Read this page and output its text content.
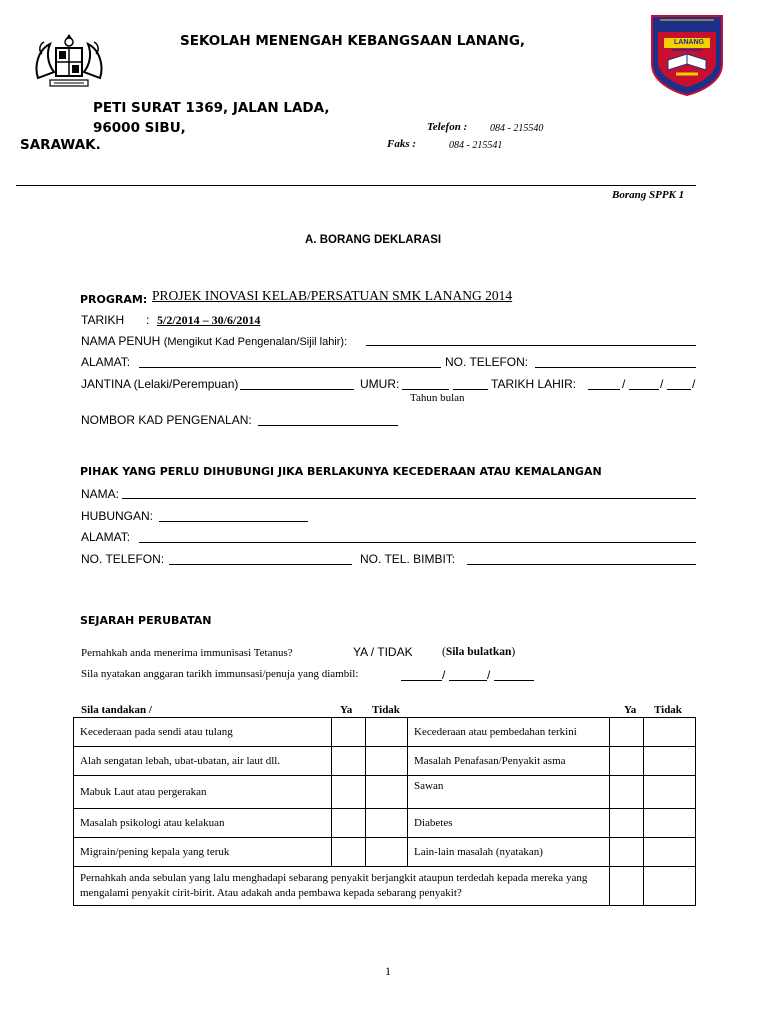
LANANG
SEKOLAH MENENGAH KEBANGSAAN LANANG,
PETI SURAT 1369, JALAN LADA,
96000 SIBU,
SARAWAK.
Telefon : 084 - 215540
Faks :	084 - 215541
Borang SPPK 1
A. BORANG DEKLARASI
PROGRAM: PROJEK INOVASI KELAB/PERSATUAN SMK LANANG 2014
TARIKH : 5/2/2014 – 30/6/2014
NAMA PENUH (Mengikut Kad Pengenalan/Sijil lahir):
ALAMAT:	NO. TELEFON:
JANTINA (Lelaki/Perempuan)	UMUR:	TARIKH LAHIR:	/	/ /
Tahun bulan
NOMBOR KAD PENGENALAN:
PIHAK YANG PERLU DIHUBUNGI JIKA BERLAKUNYA KECEDERAAN ATAU KEMALANGAN
NAMA:
HUBUNGAN:
ALAMAT:
NO. TELEFON:	NO. TEL. BIMBIT:
SEJARAH PERUBATAN
Pernahkah anda menerima immunisasi Tetanus?	YA / TIDAK	(Sila bulatkan)
Sila nyatakan anggaran tarikh immunsasi/penuja yang diambil:	/	/
Sila tandakan /	Ya Tidak	Ya Tidak
Kecederaan pada sendi atau tulang			Kecederaan atau pembedahan terkini		
Alah sengatan lebah, ubat-ubatan, air laut dll.			Masalah Penafasan/Penyakit asma		
Mabuk Laut atau pergerakan			Sawan		
Masalah psikologi atau kelakuan			Diabetes		
Migrain/pening kepala yang teruk			Lain-lain masalah (nyatakan)		
Pernahkah anda sebulan yang lalu menghadapi sebarang penyakit berjangkit ataupun terdedah kepada mereka yang mengalami penyakit cirit-birit. Atau adakah anda pembawa kepada sebarang penyakit?					
1
